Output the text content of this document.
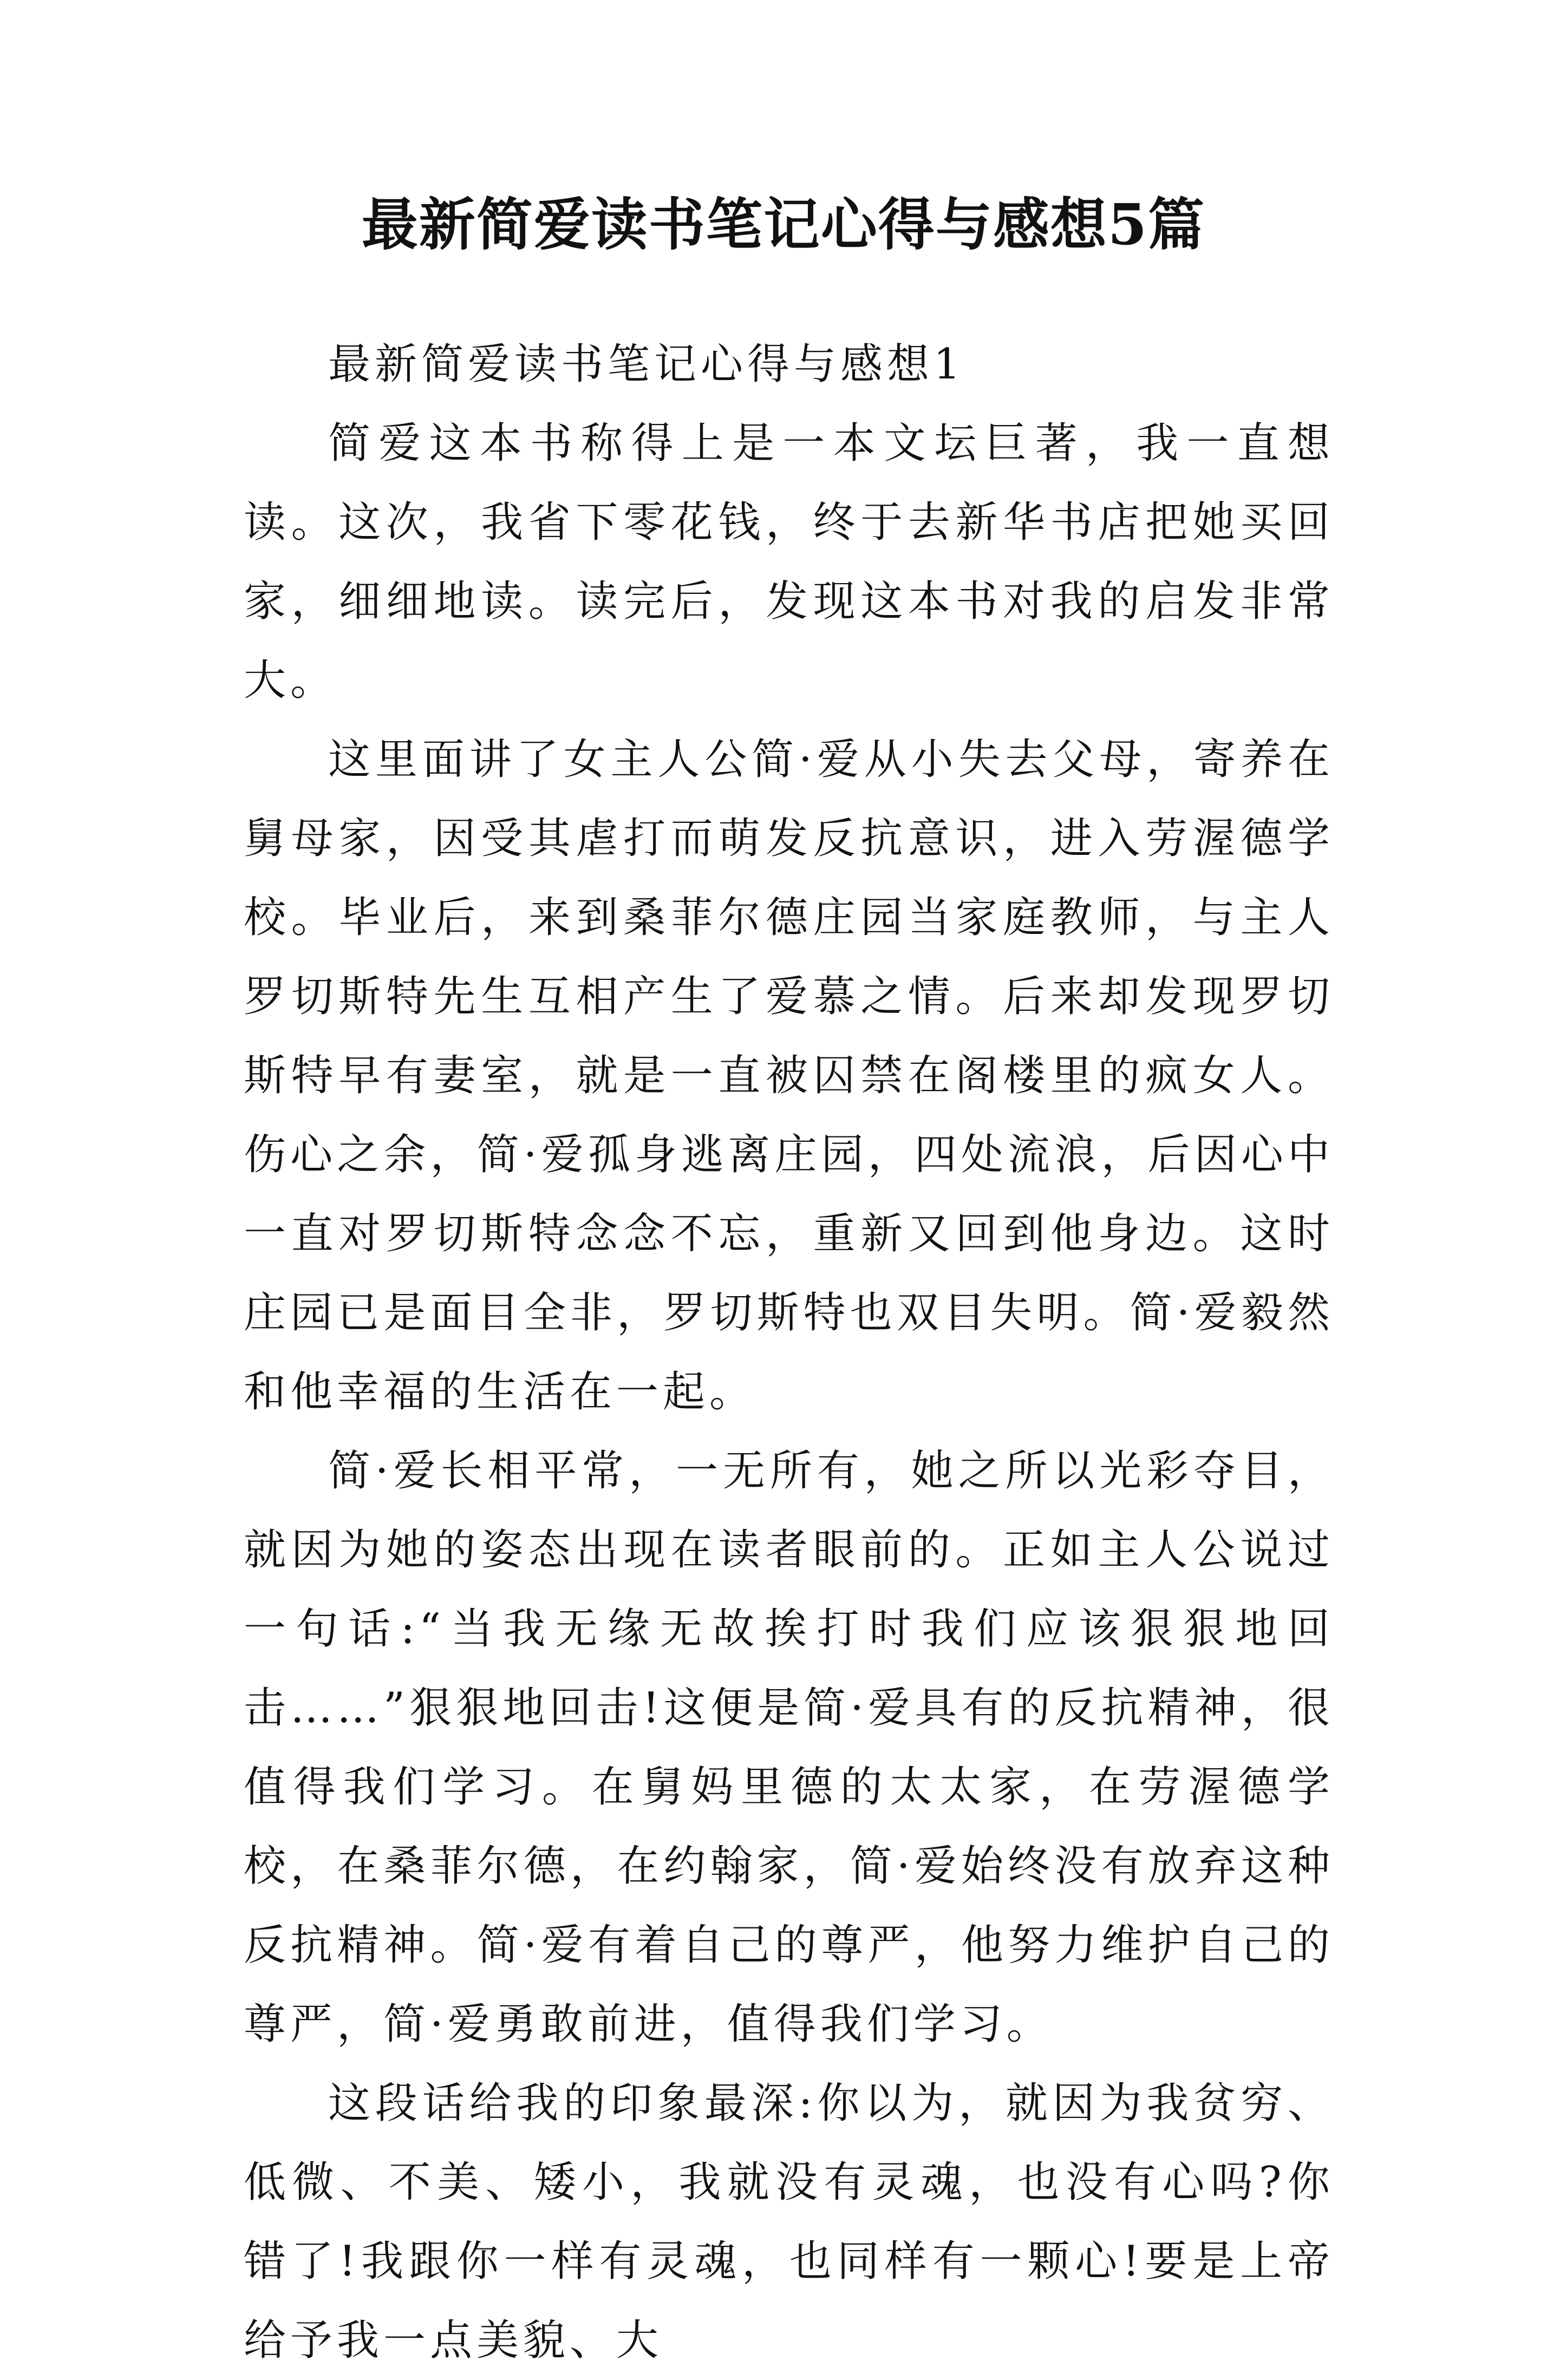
最新简爱读书笔记心得与感想5篇

最新简爱读书笔记心得与感想1

简爱这本书称得上是一本文坛巨著，我一直想读。这次，我省下零花钱，终于去新华书店把她买回家，细细地读。读完后，发现这本书对我的启发非常大。

这里面讲了女主人公简·爱从小失去父母，寄养在舅母家，因受其虐打而萌发反抗意识，进入劳渥德学校。毕业后，来到桑菲尔德庄园当家庭教师，与主人罗切斯特先生互相产生了爱慕之情。后来却发现罗切斯特早有妻室，就是一直被囚禁在阁楼里的疯女人。伤心之余，简·爱孤身逃离庄园，四处流浪，后因心中一直对罗切斯特念念不忘，重新又回到他身边。这时庄园已是面目全非，罗切斯特也双目失明。简·爱毅然和他幸福的生活在一起。

简·爱长相平常，一无所有，她之所以光彩夺目，就因为她的姿态出现在读者眼前的。正如主人公说过一句话:“当我无缘无故挨打时我们应该狠狠地回击……”狠狠地回击!这便是简·爱具有的反抗精神，很值得我们学习。在舅妈里德的太太家，在劳渥德学校，在桑菲尔德，在约翰家，简·爱始终没有放弃这种反抗精神。简·爱有着自己的尊严，他努力维护自己的尊严，简·爱勇敢前进，值得我们学习。

这段话给我的印象最深:你以为，就因为我贫穷、低微、不美、矮小，我就没有灵魂，也没有心吗?你错了!我跟你一样有灵魂，也同样有一颗心!要是上帝给予我一点美貌、大
